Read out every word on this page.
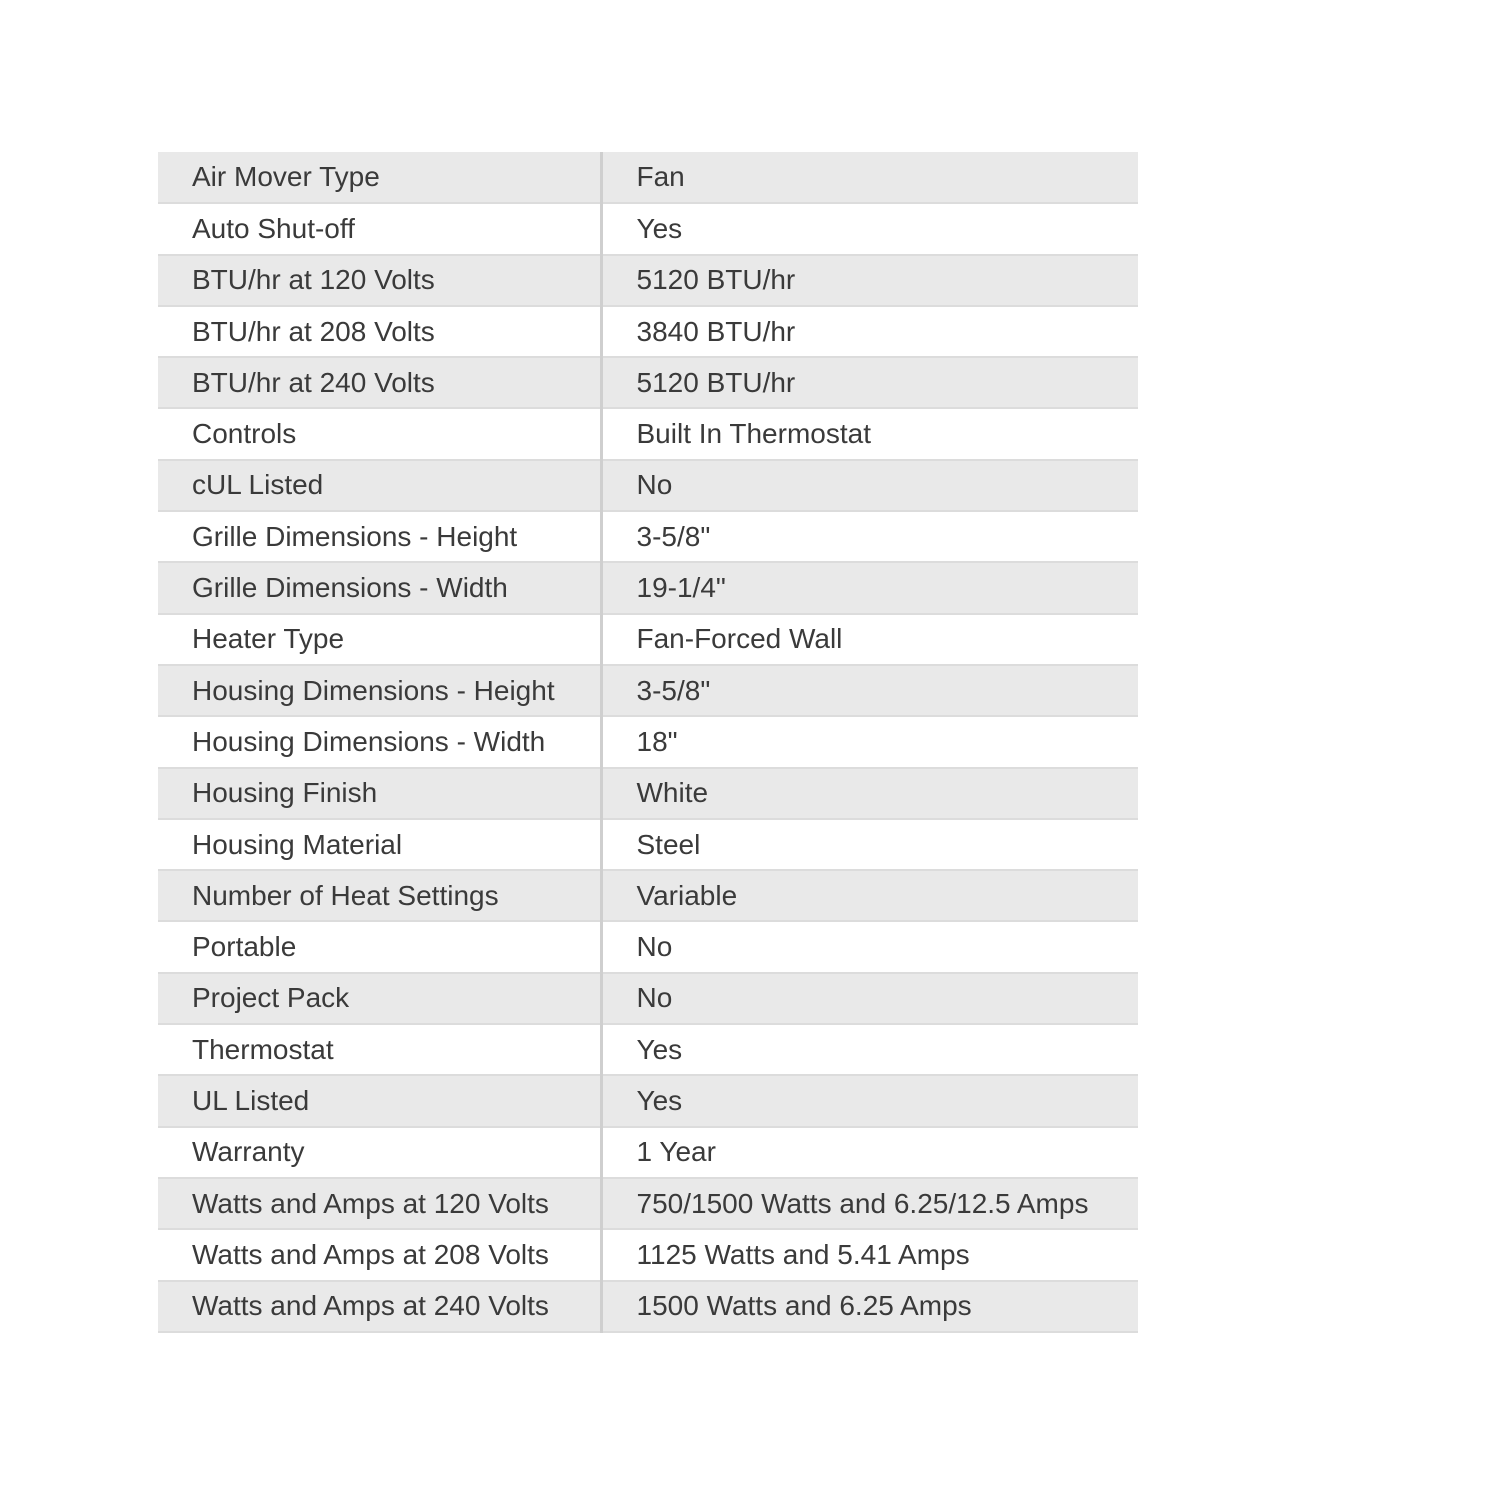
Air Mover Type	Fan
Auto Shut-off	Yes
BTU/hr at 120 Volts	5120 BTU/hr
BTU/hr at 208 Volts	3840 BTU/hr
BTU/hr at 240 Volts	5120 BTU/hr
Controls	Built In Thermostat
cUL Listed	No
Grille Dimensions - Height	3-5/8"
Grille Dimensions - Width	19-1/4"
Heater Type	Fan-Forced Wall
Housing Dimensions - Height	3-5/8"
Housing Dimensions - Width	18"
Housing Finish	White
Housing Material	Steel
Number of Heat Settings	Variable
Portable	No
Project Pack	No
Thermostat	Yes
UL Listed	Yes
Warranty	1 Year
Watts and Amps at 120 Volts	750/1500 Watts and 6.25/12.5 Amps
Watts and Amps at 208 Volts	1125 Watts and 5.41 Amps
Watts and Amps at 240 Volts	1500 Watts and 6.25 Amps
